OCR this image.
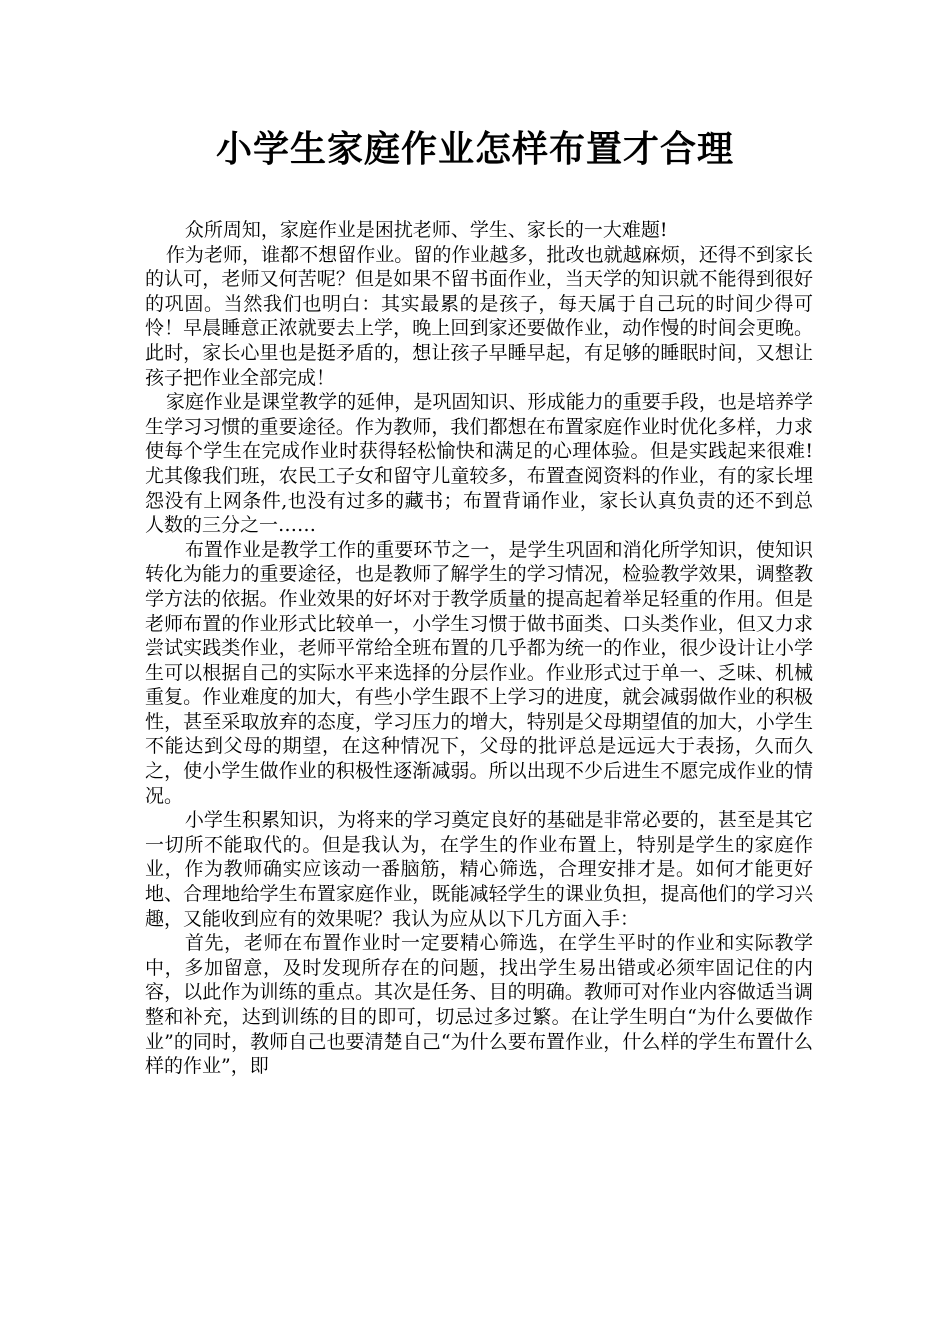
小学生家庭作业怎样布置才合理

众所周知，家庭作业是困扰老师、学生、家长的一大难题!

作为老师，谁都不想留作业。留的作业越多，批改也就越麻烦，还得不到家长的认可，老师又何苦呢？但是如果不留书面作业，当天学的知识就不能得到很好的巩固。当然我们也明白：其实最累的是孩子，每天属于自己玩的时间少得可怜！早晨睡意正浓就要去上学，晚上回到家还要做作业，动作慢的时间会更晚。此时，家长心里也是挺矛盾的，想让孩子早睡早起，有足够的睡眠时间，又想让孩子把作业全部完成！

家庭作业是课堂教学的延伸，是巩固知识、形成能力的重要手段，也是培养学生学习习惯的重要途径。作为教师，我们都想在布置家庭作业时优化多样，力求使每个学生在完成作业时获得轻松愉快和满足的心理体验。但是实践起来很难!尤其像我们班，农民工子女和留守儿童较多，布置查阅资料的作业，有的家长埋怨没有上网条件,也没有过多的藏书；布置背诵作业，家长认真负责的还不到总人数的三分之一……

布置作业是教学工作的重要环节之一，是学生巩固和消化所学知识，使知识转化为能力的重要途径，也是教师了解学生的学习情况，检验教学效果，调整教学方法的依据。作业效果的好坏对于教学质量的提高起着举足轻重的作用。但是老师布置的作业形式比较单一，小学生习惯于做书面类、口头类作业，但又力求尝试实践类作业，老师平常给全班布置的几乎都为统一的作业，很少设计让小学生可以根据自己的实际水平来选择的分层作业。作业形式过于单一、乏味、机械重复。作业难度的加大，有些小学生跟不上学习的进度，就会减弱做作业的积极性，甚至采取放弃的态度，学习压力的增大，特别是父母期望值的加大，小学生不能达到父母的期望，在这种情况下，父母的批评总是远远大于表扬，久而久之，使小学生做作业的积极性逐渐减弱。所以出现不少后进生不愿完成作业的情况。

小学生积累知识，为将来的学习奠定良好的基础是非常必要的，甚至是其它一切所不能取代的。但是我认为，在学生的作业布置上，特别是学生的家庭作业，作为教师确实应该动一番脑筋，精心筛选，合理安排才是。如何才能更好地、合理地给学生布置家庭作业，既能减轻学生的课业负担，提高他们的学习兴趣，又能收到应有的效果呢？我认为应从以下几方面入手：

首先，老师在布置作业时一定要精心筛选，在学生平时的作业和实际教学中，多加留意，及时发现所存在的问题，找出学生易出错或必须牢固记住的内容，以此作为训练的重点。其次是任务、目的明确。教师可对作业内容做适当调整和补充，达到训练的目的即可，切忌过多过繁。在让学生明白“为什么要做作业”的同时，教师自己也要清楚自己“为什么要布置作业，什么样的学生布置什么样的作业”，即
